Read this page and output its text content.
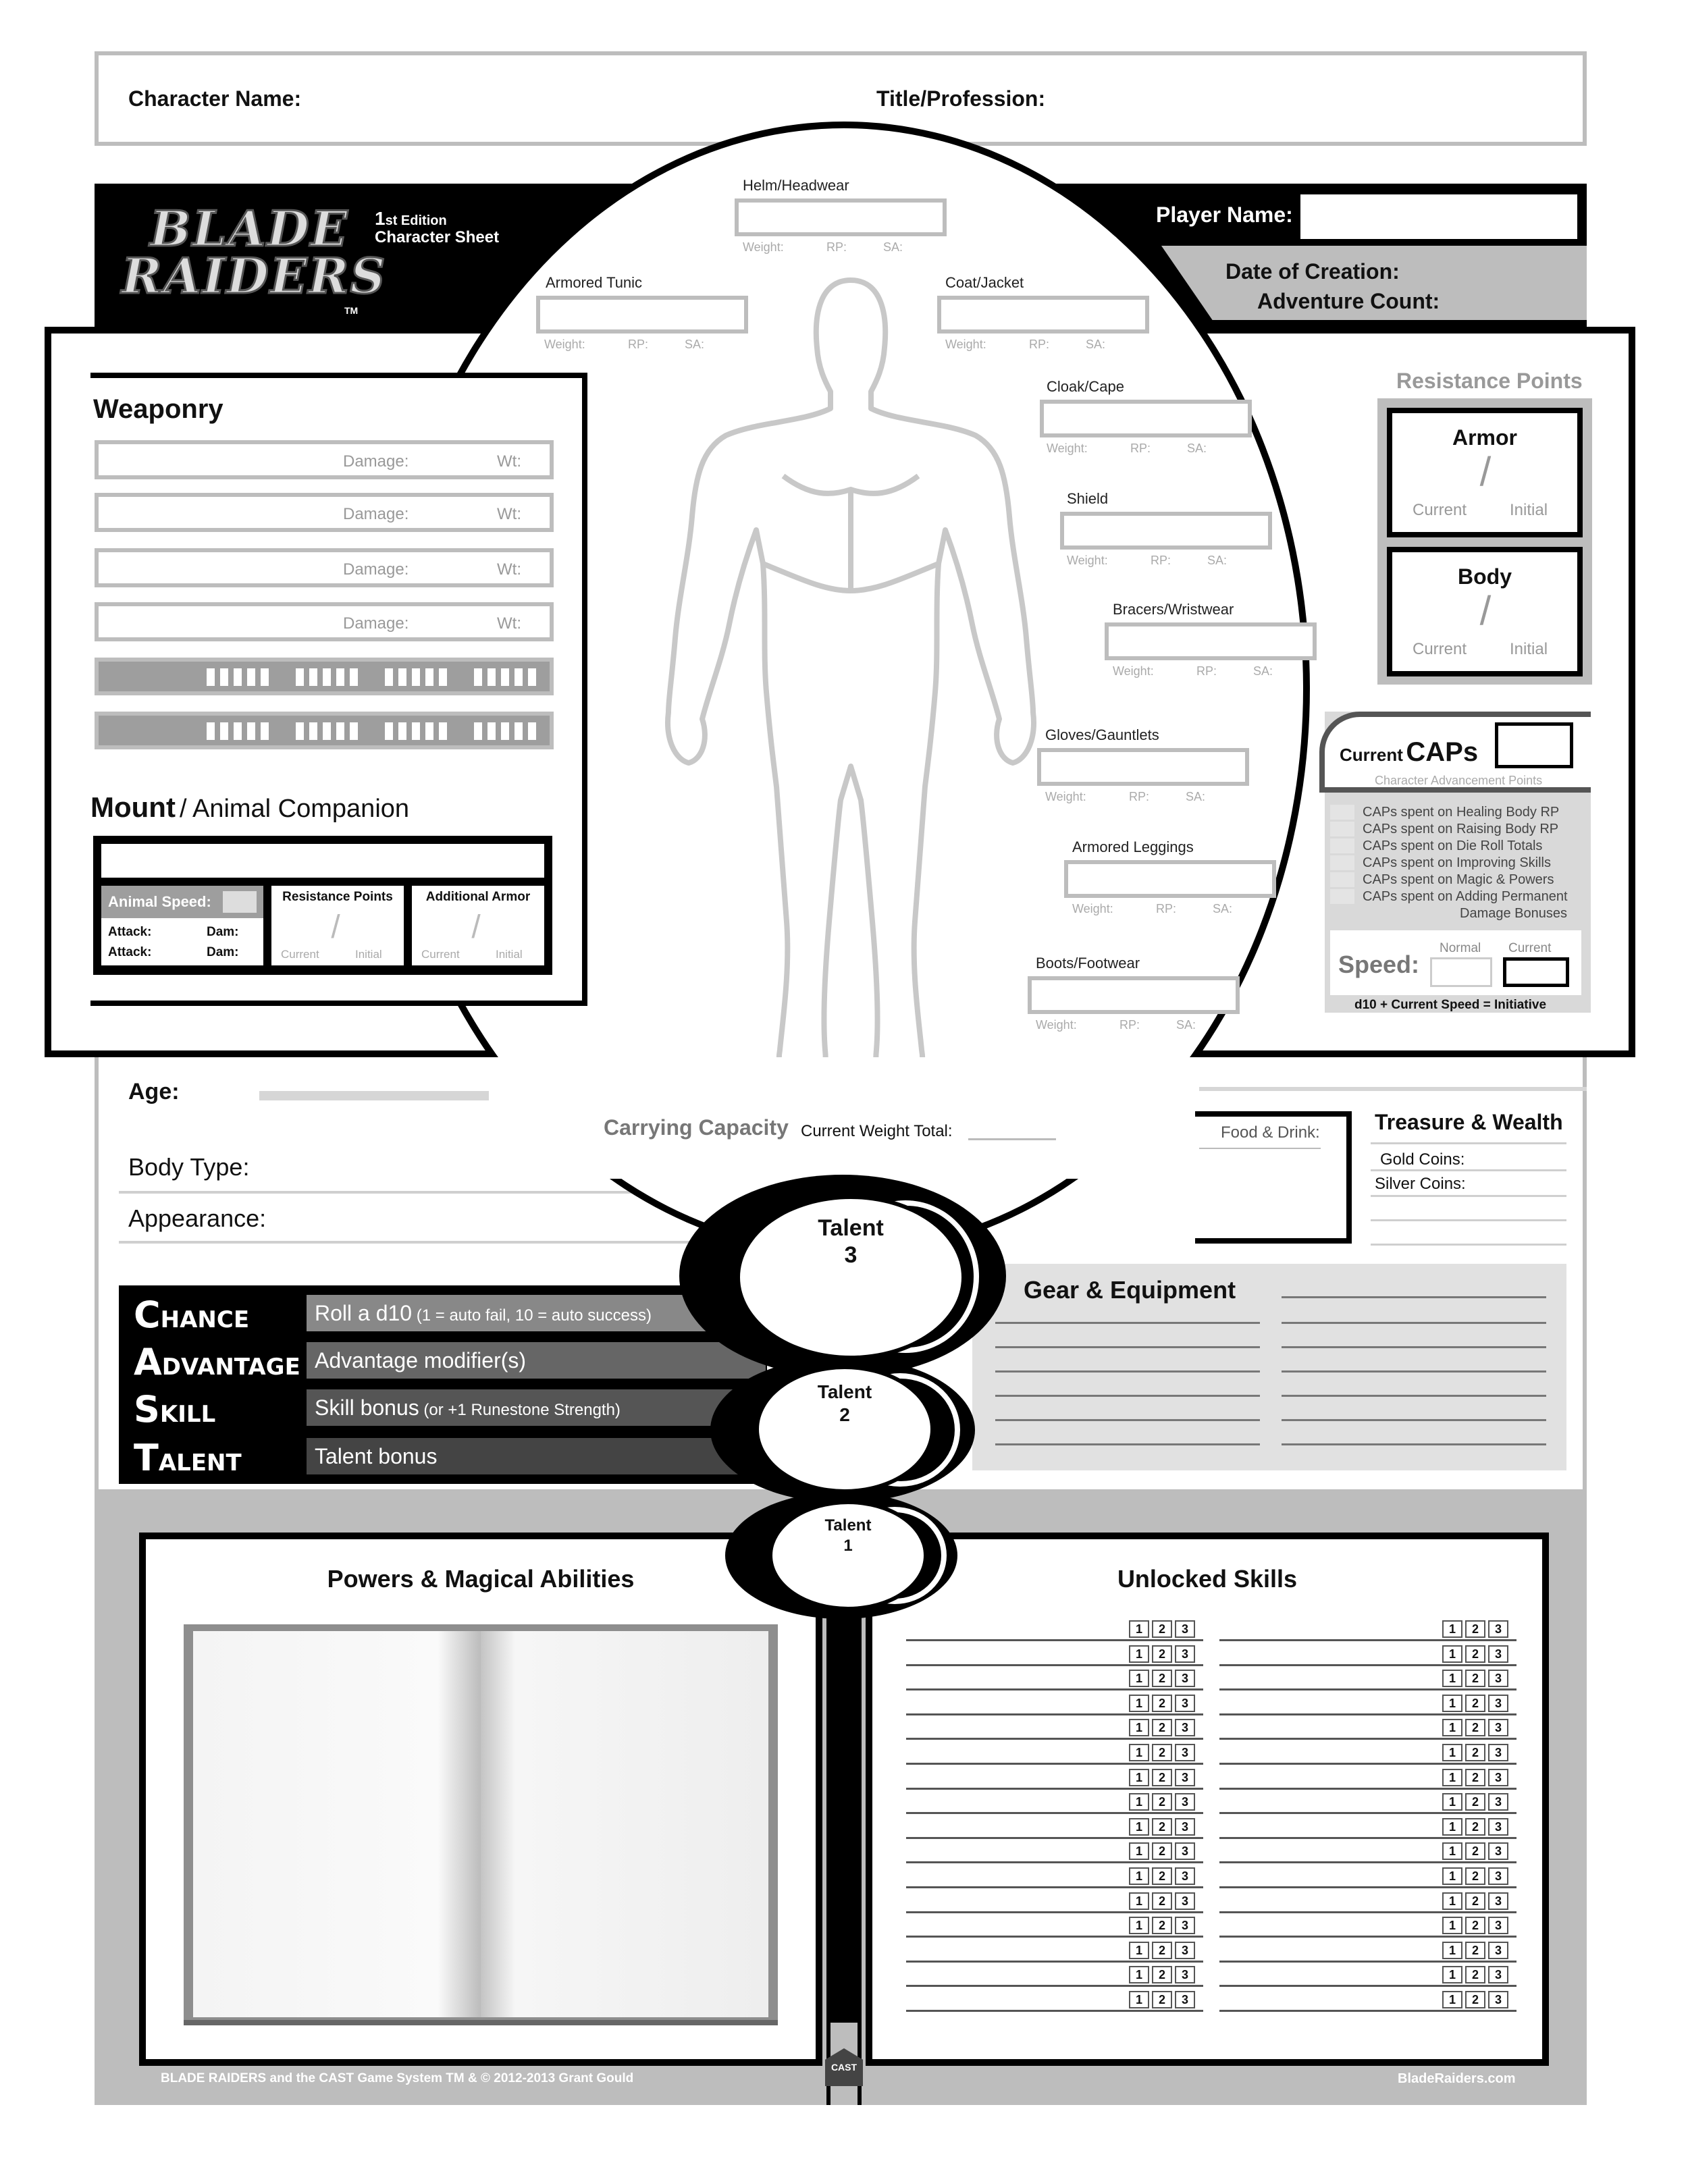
Character Name:	Title/Profession:
Date of Creation:
Adventure Count:
Player Name:
BLADE
RAIDERS
TM
1st Edition
Character Sheet
Helm/Headwear
Weight:	RP:	SA:
Armored Tunic
Weight:	RP:	SA:
Coat/Jacket
Weight:	RP:	SA:
Cloak/Cape
Weight:	RP:	SA:
Shield
Weight:	RP:	SA:
Bracers/Wristwear
Weight:	RP:	SA:
Gloves/Gauntlets
Weight:	RP:	SA:
Armored Leggings
Weight:	RP:	SA:
Boots/Footwear
Weight:	RP:	SA:
Weaponry
Damage:	Wt:
Damage:	Wt:
Damage:	Wt:
Damage:	Wt:
Mount / Animal Companion
Animal Speed:
Attack:	Dam:
Attack:	Dam:
Resistance Points
/
Current	Initial
Additional Armor
/
Current	Initial
Resistance Points
Armor
/
Current	Initial
Body
/
Current	Initial
Current CAPs
Character Advancement Points
CAPs spent on Healing Body RP
CAPs spent on Raising Body RP
CAPs spent on Die Roll Totals
CAPs spent on Improving Skills
CAPs spent on Magic & Powers
CAPs spent on Adding Permanent
Damage Bonuses
Speed:
Normal Current
d10 + Current Speed = Initiative
Age:
Body Type:
Appearance:
Carrying Capacity Current Weight Total:	Food & Drink:	Treasure & Wealth
Gold Coins:
Silver Coins:
Gear & Equipment
CHANCE	Roll a d10 (1 = auto fail, 10 = auto success)
ADVANTAGE Advantage modifier(s)
SKILL	Skill bonus (or +1 Runestone Strength)
TALENT	Talent bonus
Powers & Magical Abilities	Unlocked Skills
1	2	3
1	2	3
1	2	3
1	2	3
1	2	3
1	2	3
1	2	3
1	2	3
1	2	3
1	2	3
1	2	3
1	2	3
1	2	3
1	2	3
1	2	3
1	2	3
1	2	3
1	2	3
1	2	3
1	2	3
1	2	3
1	2	3
1	2	3
1	2	3
1	2	3
1	2	3
1	2	3
1	2	3
1	2	3
1	2	3
1	2	3
1	2	3
Talent
3
Talent
2
Talent
1
BLADE RAIDERS and the CAST Game System TM & © 2012-2013 Grant Gould	BladeRaiders.com
CAST
